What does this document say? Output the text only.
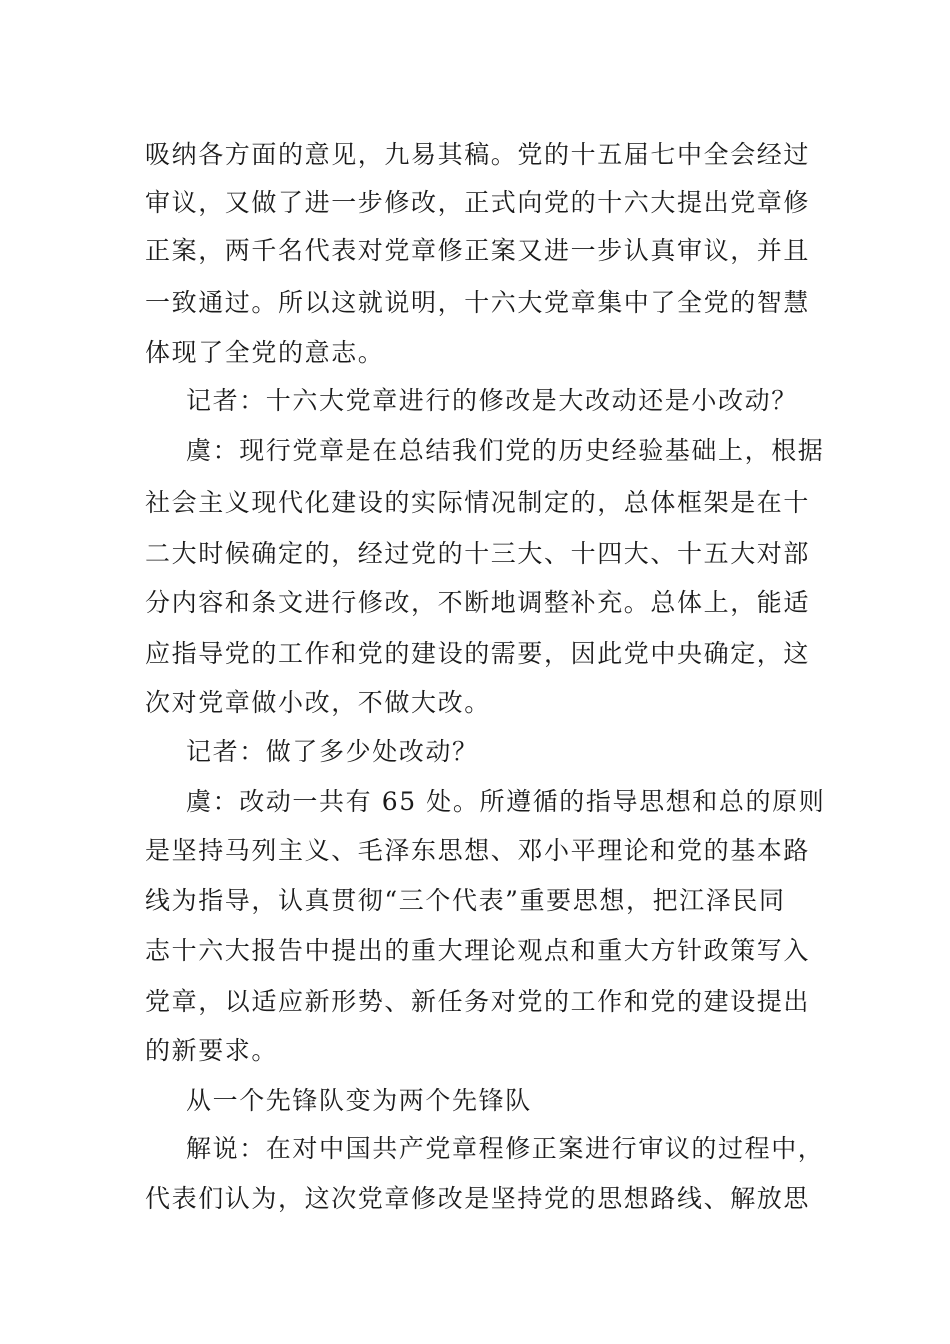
吸纳各方面的意见，九易其稿。党的十五届七中全会经过
审议，又做了进一步修改，正式向党的十六大提出党章修
正案，两千名代表对党章修正案又进一步认真审议，并且
一致通过。所以这就说明，十六大党章集中了全党的智慧
体现了全党的意志。
记者：十六大党章进行的修改是大改动还是小改动？
虞：现行党章是在总结我们党的历史经验基础上，根据
社会主义现代化建设的实际情况制定的，总体框架是在十
二大时候确定的，经过党的十三大、十四大、十五大对部
分内容和条文进行修改，不断地调整补充。总体上，能适
应指导党的工作和党的建设的需要，因此党中央确定，这
次对党章做小改，不做大改。
记者：做了多少处改动？
虞：改动一共有 65 处。所遵循的指导思想和总的原则
是坚持马列主义、毛泽东思想、邓小平理论和党的基本路
线为指导，认真贯彻“三个代表”重要思想，把江泽民同
志十六大报告中提出的重大理论观点和重大方针政策写入
党章，以适应新形势、新任务对党的工作和党的建设提出
的新要求。
从一个先锋队变为两个先锋队
解说：在对中国共产党章程修正案进行审议的过程中，
代表们认为，这次党章修改是坚持党的思想路线、解放思
